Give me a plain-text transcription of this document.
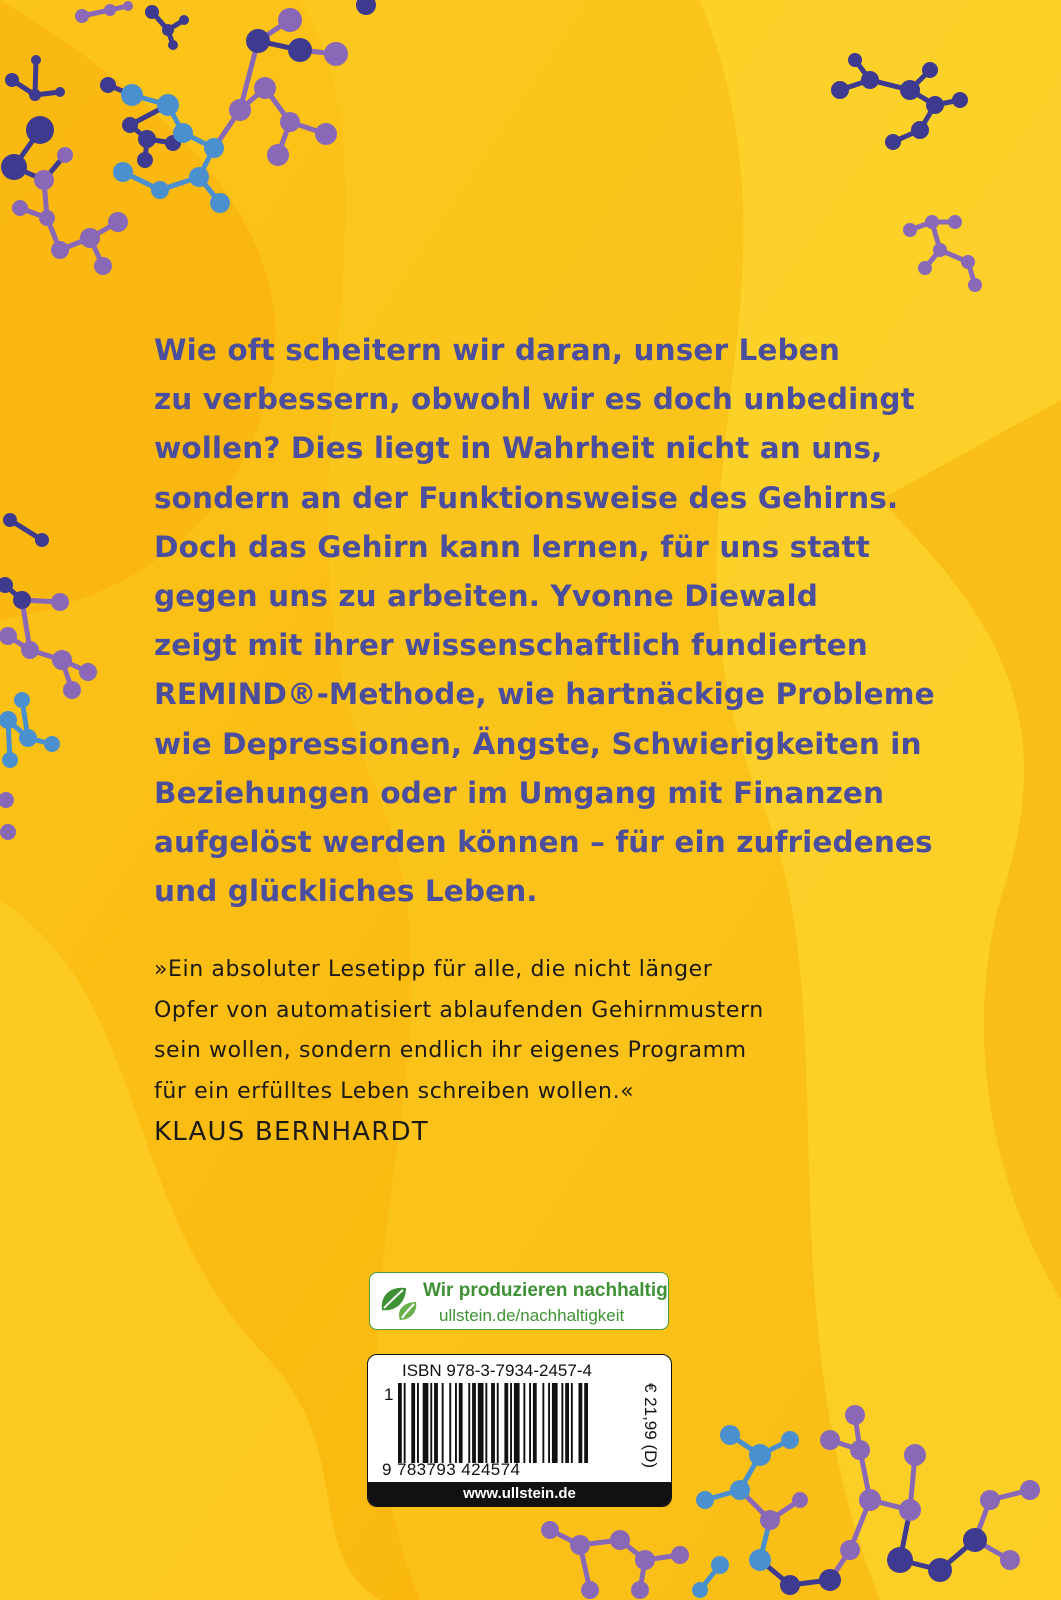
Wie oft scheitern wir daran, unser Leben
zu verbessern, obwohl wir es doch unbedingt
wollen? Dies liegt in Wahrheit nicht an uns,
sondern an der Funktionsweise des Gehirns.
Doch das Gehirn kann lernen, für uns statt
gegen uns zu arbeiten. Yvonne Diewald
zeigt mit ihrer wissenschaftlich fundierten
REMIND®-Methode, wie hartnäckige Probleme
wie Depressionen, Ängste, Schwierigkeiten in
Beziehungen oder im Umgang mit Finanzen
aufgelöst werden können – für ein zufriedenes
und glückliches Leben.
»Ein absoluter Lesetipp für alle, die nicht länger
Opfer von automatisiert ablaufenden Gehirnmustern
sein wollen, sondern endlich ihr eigenes Programm
für ein erfülltes Leben schreiben wollen.«
KLAUS BERNHARDT
Wir produzieren nachhaltig
ullstein.de/nachhaltigkeit
ISBN 978-3-7934-2457-4
1
9 783793 424574
€ 21,99 (D)
www.ullstein.de
